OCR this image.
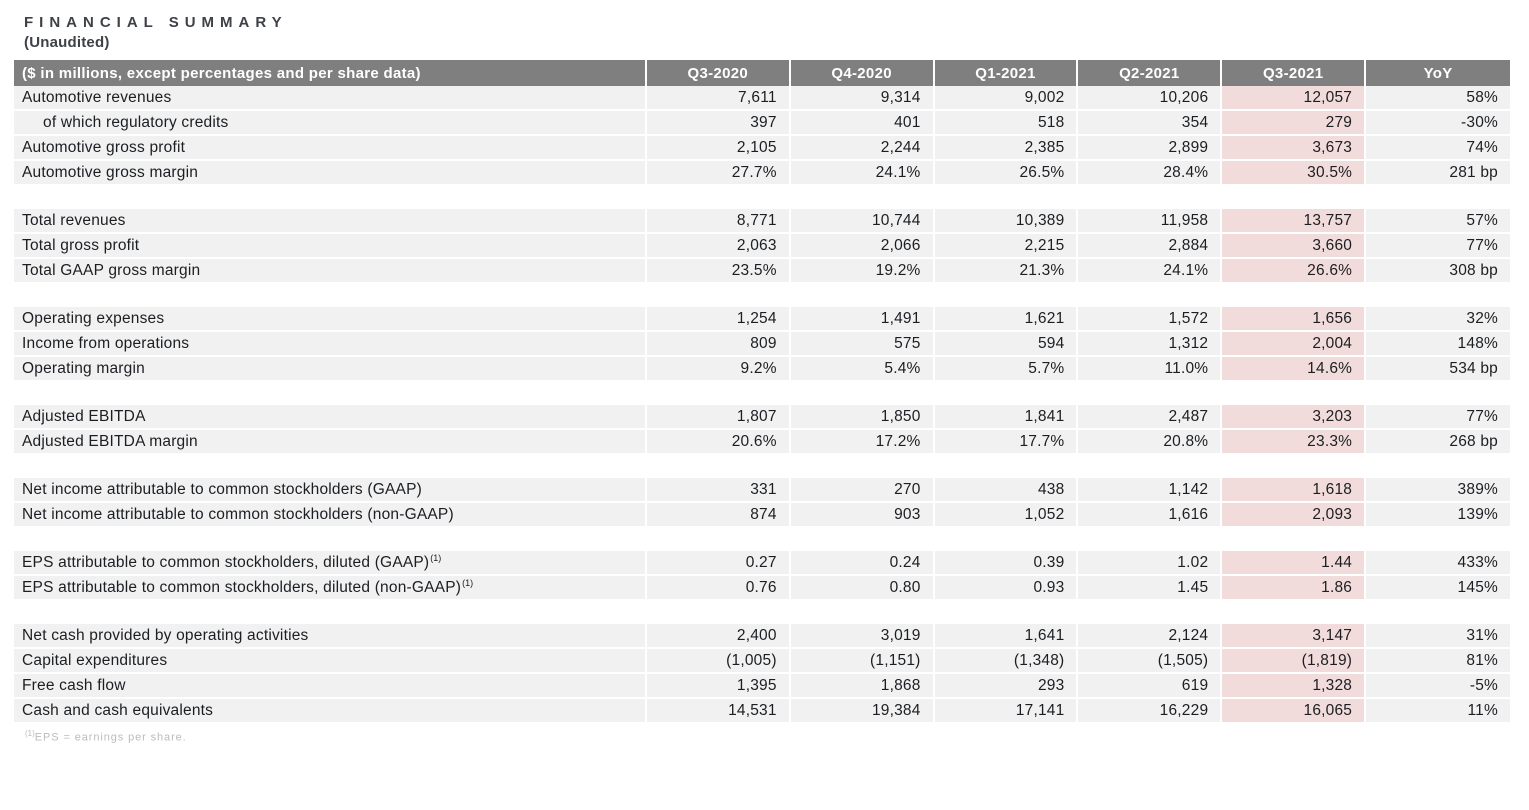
FINANCIAL SUMMARY
(Unaudited)
($ in millions, except percentages and per share data)	Q3-2020	Q4-2020	Q1-2021	Q2-2021	Q3-2021	YoY
Automotive revenues	7,611	9,314	9,002	10,206	12,057	58%
of which regulatory credits	397	401	518	354	279	-30%
Automotive gross profit	2,105	2,244	2,385	2,899	3,673	74%
Automotive gross margin	27.7%	24.1%	26.5%	28.4%	30.5%	281 bp

Total revenues	8,771	10,744	10,389	11,958	13,757	57%
Total gross profit	2,063	2,066	2,215	2,884	3,660	77%
Total GAAP gross margin	23.5%	19.2%	21.3%	24.1%	26.6%	308 bp

Operating expenses	1,254	1,491	1,621	1,572	1,656	32%
Income from operations	809	575	594	1,312	2,004	148%
Operating margin	9.2%	5.4%	5.7%	11.0%	14.6%	534 bp

Adjusted EBITDA	1,807	1,850	1,841	2,487	3,203	77%
Adjusted EBITDA margin	20.6%	17.2%	17.7%	20.8%	23.3%	268 bp

Net income attributable to common stockholders (GAAP)	331	270	438	1,142	1,618	389%
Net income attributable to common stockholders (non-GAAP)	874	903	1,052	1,616	2,093	139%

EPS attributable to common stockholders, diluted (GAAP)$^{(1)}$	0.27	0.24	0.39	1.02	1.44	433%
EPS attributable to common stockholders, diluted (non-GAAP)$^{(1)}$	0.76	0.80	0.93	1.45	1.86	145%

Net cash provided by operating activities	2,400	3,019	1,641	2,124	3,147	31%
Capital expenditures	(1,005)	(1,151)	(1,348)	(1,505)	(1,819)	81%
Free cash flow	1,395	1,868	293	619	1,328	-5%
Cash and cash equivalents	14,531	19,384	17,141	16,229	16,065	11%
$^{(1)}$EPS = earnings per share.
